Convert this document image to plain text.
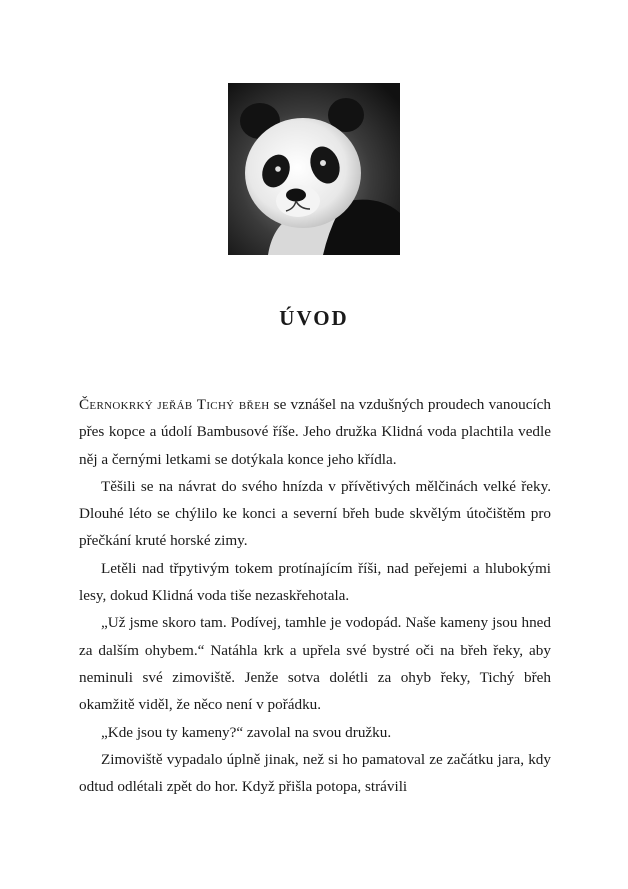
ÚVOD

Černokrký jeřáb Tichý břeh se vznášel na vzdušných proudech vanoucích přes kopce a údolí Bambusové říše. Jeho družka Klidná voda plachtila vedle něj a černými letkami se dotýkala konce jeho křídla.

Těšili se na návrat do svého hnízda v přívětivých mělčinách velké řeky. Dlouhé léto se chýlilo ke konci a severní břeh bude skvělým útočištěm pro přečkání kruté horské zimy.

Letěli nad třpytivým tokem protínajícím říši, nad peřejemi a hlubokými lesy, dokud Klidná voda tiše nezaskřehotala.

„Už jsme skoro tam. Podívej, tamhle je vodopád. Naše kameny jsou hned za dalším ohybem.“ Natáhla krk a upřela své bystré oči na břeh řeky, aby neminuli své zimoviště. Jenže sotva dolétli za ohyb řeky, Tichý břeh okamžitě viděl, že něco není v pořádku.

„Kde jsou ty kameny?“ zavolal na svou družku.

Zimoviště vypadalo úplně jinak, než si ho pamatoval ze začátku jara, kdy odtud odlétali zpět do hor. Když přišla potopa, strávili
